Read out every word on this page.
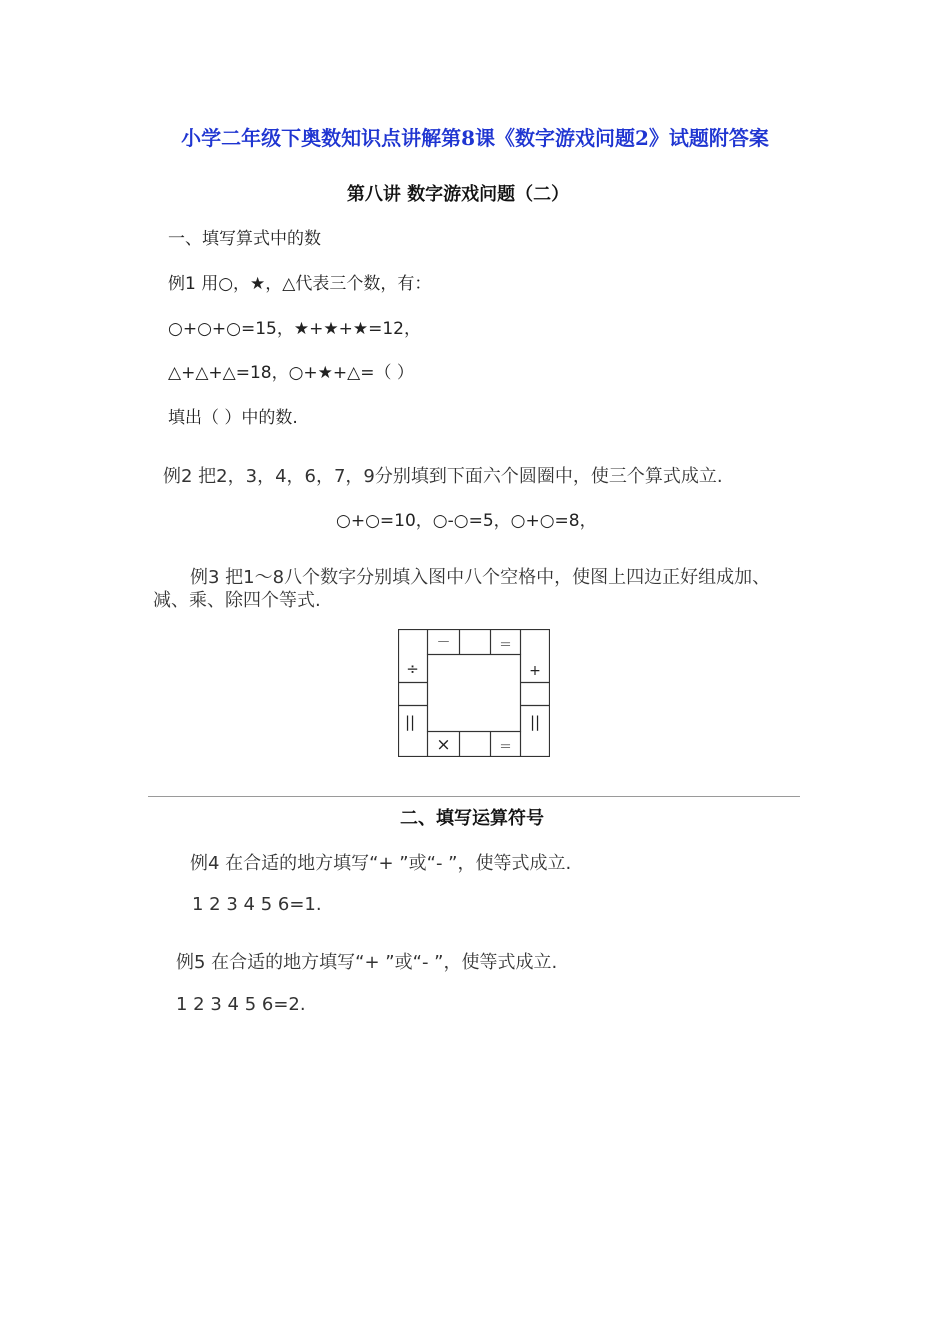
小学二年级下奥数知识点讲解第8课《数字游戏问题2》试题附答案
第八讲 数字游戏问题（二）
一、填写算式中的数
例1 用○，★，△代表三个数，有：
○+○+○=15，★+★+★=12，
△+△+△=18，○+★+△=（ ）
填出（ ）中的数.
例2 把2，3，4，6，7，9分别填到下面六个圆圈中，使三个算式成立.
○+○=10，○-○=5，○+○=8，
例3 把1～8八个数字分别填入图中八个空格中，使图上四边正好组成加、
减、乘、除四个等式.
－	＝
÷	+
||	||
×	＝
二、填写运算符号
例4 在合适的地方填写“+ ”或“- ”，使等式成立.
1 2 3 4 5 6=1.
例5 在合适的地方填写“+ ”或“- ”，使等式成立.
1 2 3 4 5 6=2.
